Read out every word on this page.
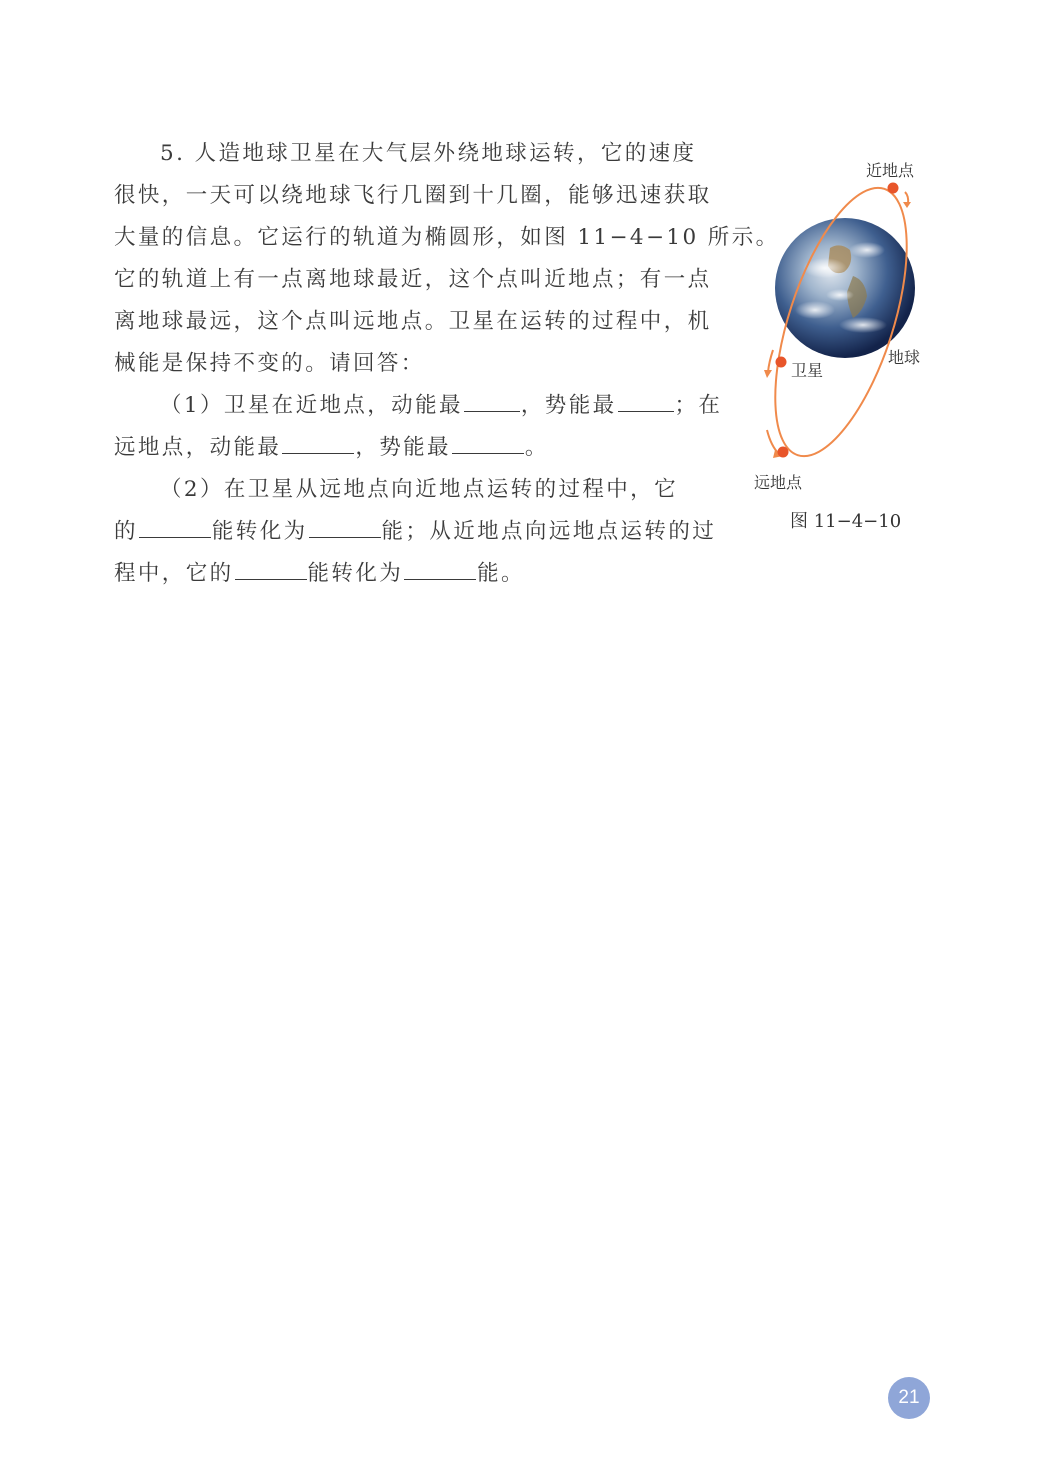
5. 人造地球卫星在大气层外绕地球运转，它的速度
很快，一天可以绕地球飞行几圈到十几圈，能够迅速获取
大量的信息。它运行的轨道为椭圆形，如图 11−4−10 所示。
它的轨道上有一点离地球最近，这个点叫近地点；有一点
离地球最远，这个点叫远地点。卫星在运转的过程中，机
械能是保持不变的。请回答：
（1）卫星在近地点，动能最	，势能最	；在
远地点，动能最	，势能最	。
（2）在卫星从远地点向近地点运转的过程中，它
的	能转化为	能；从近地点向远地点运转的过
程中，它的	能转化为	能。
近地点
卫星
地球
远地点
图 11−4−10
21
